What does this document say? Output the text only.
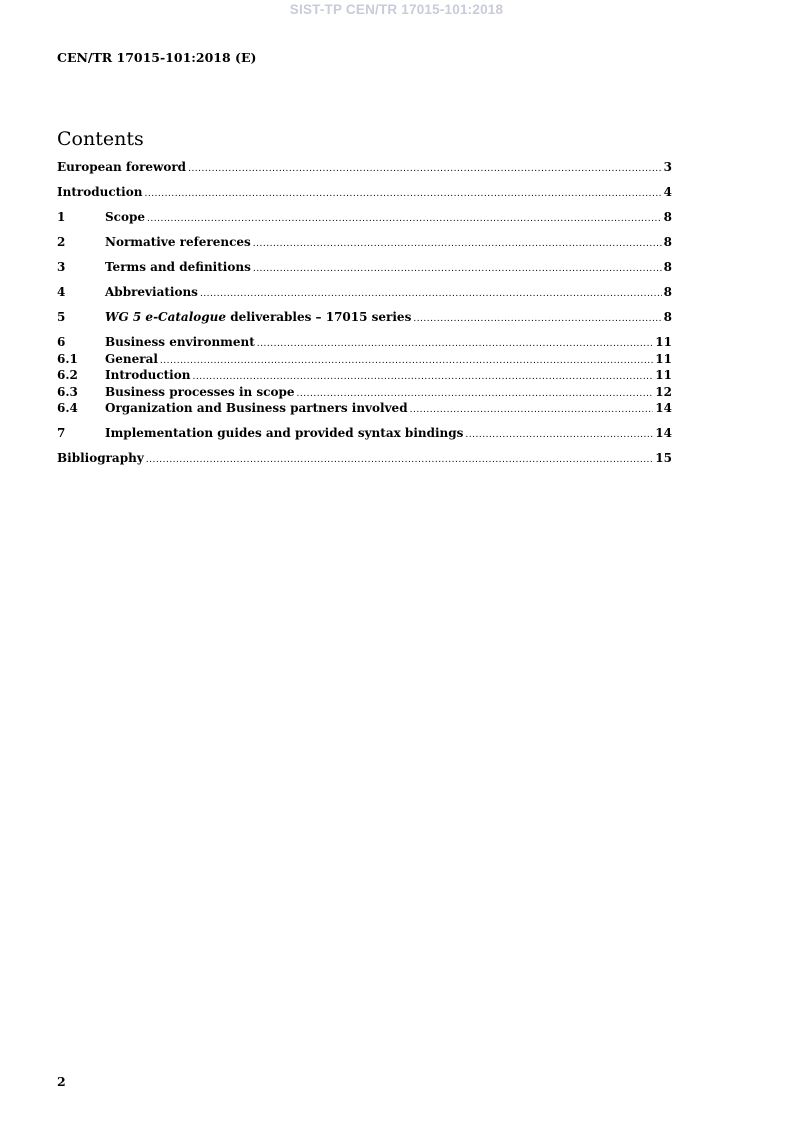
SIST-TP CEN/TR 17015-101:2018
CEN/TR 17015-101:2018 (E)
Contents
European foreword .....	3
Introduction .....	4
1	Scope .....	8
2	Normative references .....	8
3	Terms and definitions .....	8
4	Abbreviations .....	8
5	WG 5 e-Catalogue deliverables – 17015 series .....	8
6	Business environment .....	11
6.1	General .....	11
6.2	Introduction .....	11
6.3	Business processes in scope .....	12
6.4	Organization and Business partners involved .....	14
7	Implementation guides and provided syntax bindings .....	14
Bibliography .....	15
2
